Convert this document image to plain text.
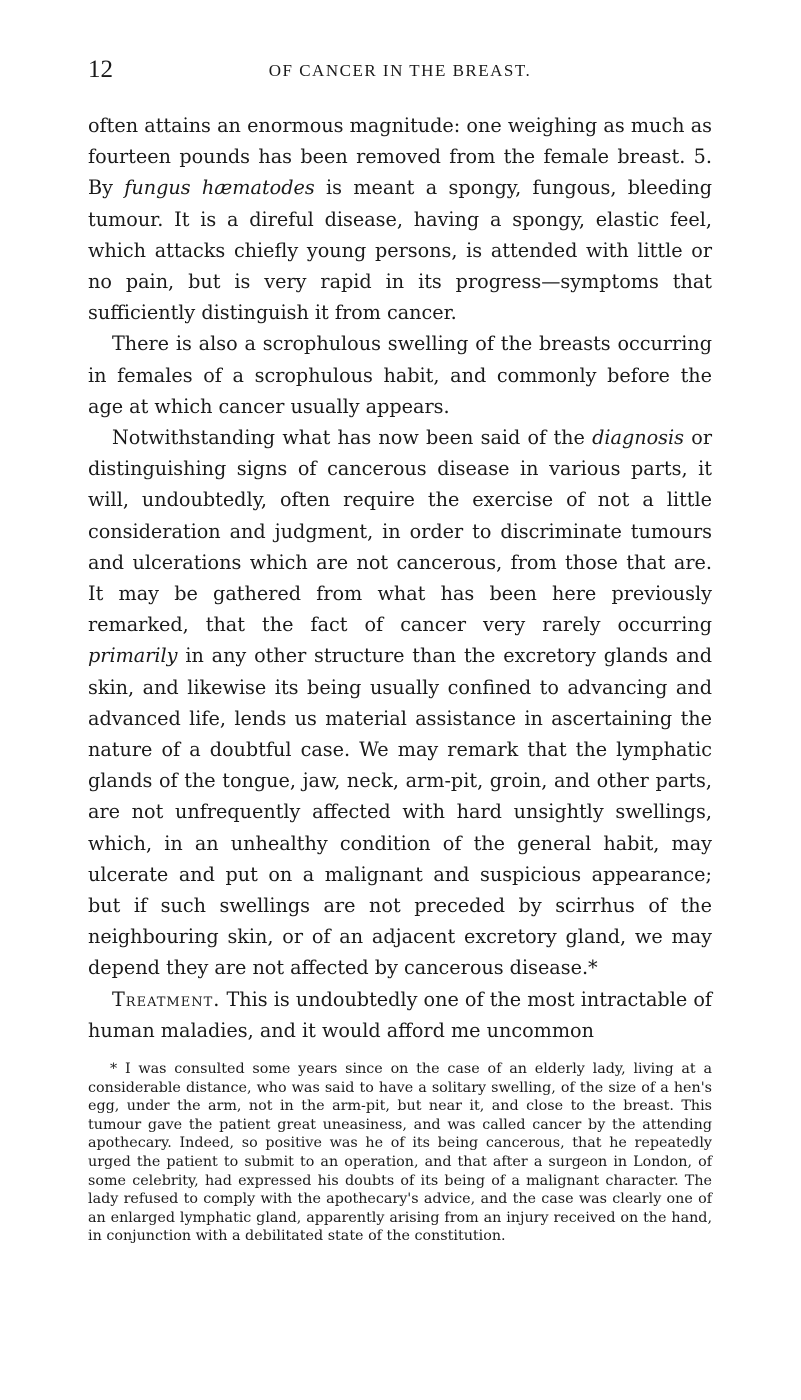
12	OF CANCER IN THE BREAST.

often attains an enormous magnitude: one weighing as much as fourteen pounds has been removed from the female breast. 5. By fungus hæmatodes is meant a spongy, fungous, bleeding tumour. It is a direful disease, having a spongy, elastic feel, which attacks chiefly young persons, is attended with little or no pain, but is very rapid in its progress—symptoms that sufficiently distinguish it from cancer.

There is also a scrophulous swelling of the breasts occurring in females of a scrophulous habit, and commonly before the age at which cancer usually appears.

Notwithstanding what has now been said of the diagnosis or distinguishing signs of cancerous disease in various parts, it will, undoubtedly, often require the exercise of not a little consideration and judgment, in order to discriminate tumours and ulcerations which are not cancerous, from those that are. It may be gathered from what has been here previously remarked, that the fact of cancer very rarely occurring primarily in any other structure than the excretory glands and skin, and likewise its being usually confined to advancing and advanced life, lends us material assistance in ascertaining the nature of a doubtful case. We may remark that the lymphatic glands of the tongue, jaw, neck, arm-pit, groin, and other parts, are not unfrequently affected with hard unsightly swellings, which, in an unhealthy condition of the general habit, may ulcerate and put on a malignant and suspicious appearance; but if such swellings are not preceded by scirrhus of the neighbouring skin, or of an adjacent excretory gland, we may depend they are not affected by cancerous disease.*

Treatment. This is undoubtedly one of the most intractable of human maladies, and it would afford me uncommon

* I was consulted some years since on the case of an elderly lady, living at a considerable distance, who was said to have a solitary swelling, of the size of a hen's egg, under the arm, not in the arm-pit, but near it, and close to the breast. This tumour gave the patient great uneasiness, and was called cancer by the attending apothecary. Indeed, so positive was he of its being cancerous, that he repeatedly urged the patient to submit to an operation, and that after a surgeon in London, of some celebrity, had expressed his doubts of its being of a malignant character. The lady refused to comply with the apothecary's advice, and the case was clearly one of an enlarged lymphatic gland, apparently arising from an injury received on the hand, in conjunction with a debilitated state of the constitution.
